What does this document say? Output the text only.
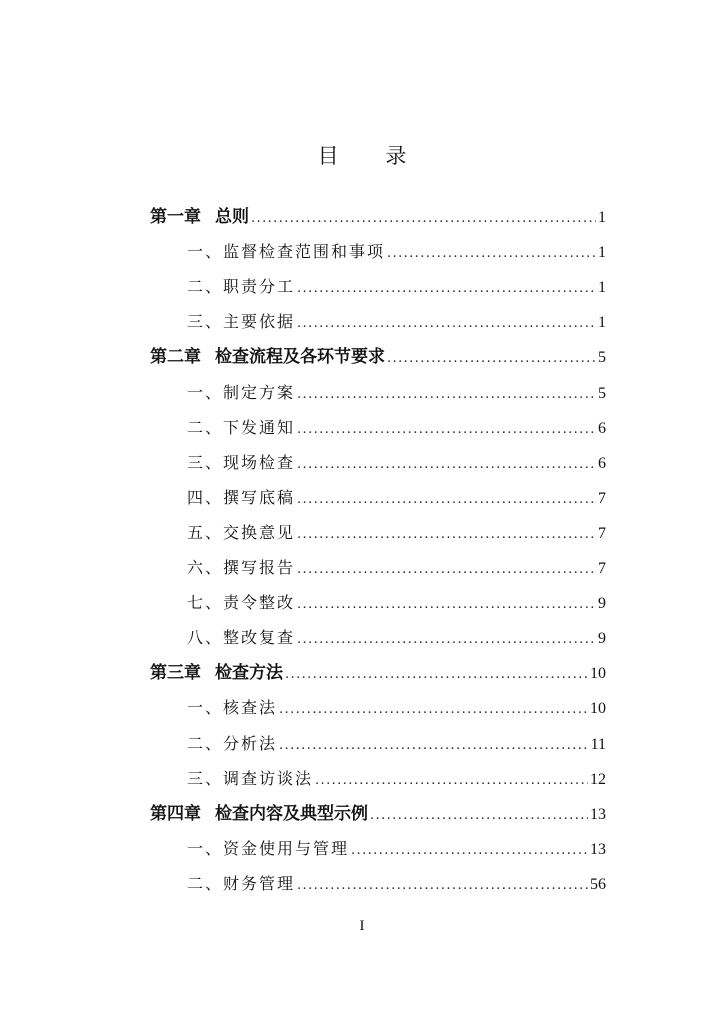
目 录
第一章 总则 .....	1
一、监督检查范围和事项 .....	1
二、职责分工 .....	1
三、主要依据 .....	1
第二章 检查流程及各环节要求 .....	5
一、制定方案 .....	5
二、下发通知 .....	6
三、现场检查 .....	6
四、撰写底稿 .....	7
五、交换意见 .....	7
六、撰写报告 .....	7
七、责令整改 .....	9
八、整改复查 .....	9
第三章 检查方法 .....	10
一、核查法 .....	10
二、分析法 .....	11
三、调查访谈法 .....	12
第四章 检查内容及典型示例 .....	13
一、资金使用与管理 .....	13
二、财务管理 .....	56
I
